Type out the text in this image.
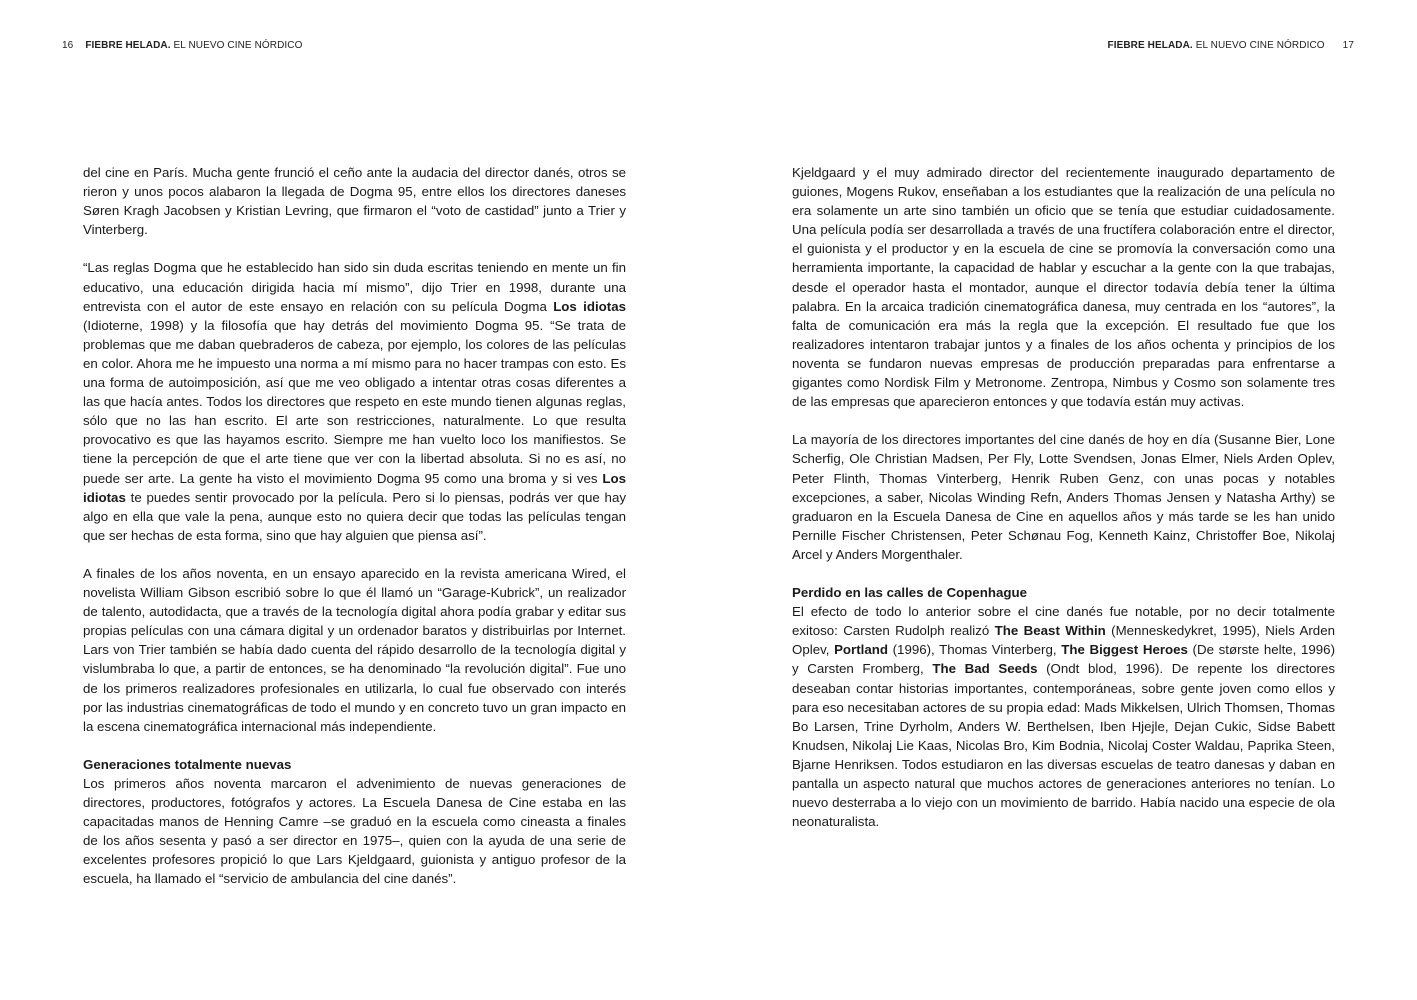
16 FIEBRE HELADA. EL NUEVO CINE NÓRDICO

del cine en París. Mucha gente frunció el ceño ante la audacia del director danés, otros se rieron y unos pocos alabaron la llegada de Dogma 95, entre ellos los directores daneses Søren Kragh Jacobsen y Kristian Levring, que firmaron el “voto de castidad” junto a Trier y Vinterberg.

“Las reglas Dogma que he establecido han sido sin duda escritas teniendo en mente un fin educativo, una educación dirigida hacia mí mismo”, dijo Trier en 1998, durante una entrevista con el autor de este ensayo en relación con su película Dogma Los idiotas (Idioterne, 1998) y la filosofía que hay detrás del movimiento Dogma 95. “Se trata de problemas que me daban quebraderos de cabeza, por ejemplo, los colores de las películas en color. Ahora me he impuesto una norma a mí mismo para no hacer trampas con esto. Es una forma de autoimposición, así que me veo obligado a intentar otras cosas diferentes a las que hacía antes. Todos los directores que respeto en este mundo tienen algunas reglas, sólo que no las han escrito. El arte son restricciones, naturalmente. Lo que resulta provocativo es que las hayamos escrito. Siempre me han vuelto loco los manifiestos. Se tiene la percepción de que el arte tiene que ver con la libertad absoluta. Si no es así, no puede ser arte. La gente ha visto el movimiento Dogma 95 como una broma y si ves Los idiotas te puedes sentir provocado por la película. Pero si lo piensas, podrás ver que hay algo en ella que vale la pena, aunque esto no quiera decir que todas las películas tengan que ser hechas de esta forma, sino que hay alguien que piensa así”.

A finales de los años noventa, en un ensayo aparecido en la revista americana Wired, el novelista William Gibson escribió sobre lo que él llamó un “Garage-Kubrick”, un realizador de talento, autodidacta, que a través de la tecnología digital ahora podía grabar y editar sus propias películas con una cámara digital y un ordenador baratos y distribuirlas por Internet. Lars von Trier también se había dado cuenta del rápido desarrollo de la tecnología digital y vislumbraba lo que, a partir de entonces, se ha denominado “la revolución digital”. Fue uno de los primeros realizadores profesionales en utilizarla, lo cual fue observado con interés por las industrias cinematográficas de todo el mundo y en concreto tuvo un gran impacto en la escena cinematográfica internacional más independiente.

Generaciones totalmente nuevas

Los primeros años noventa marcaron el advenimiento de nuevas generaciones de directores, productores, fotógrafos y actores. La Escuela Danesa de Cine estaba en las capacitadas manos de Henning Camre –se graduó en la escuela como cineasta a finales de los años sesenta y pasó a ser director en 1975–, quien con la ayuda de una serie de excelentes profesores propició lo que Lars Kjeldgaard, guionista y antiguo profesor de la escuela, ha llamado el “servicio de ambulancia del cine danés”.

FIEBRE HELADA. EL NUEVO CINE NÓRDICO 17

Kjeldgaard y el muy admirado director del recientemente inaugurado departamento de guiones, Mogens Rukov, enseñaban a los estudiantes que la realización de una película no era solamente un arte sino también un oficio que se tenía que estudiar cuidadosamente. Una película podía ser desarrollada a través de una fructífera colaboración entre el director, el guionista y el productor y en la escuela de cine se promovía la conversación como una herramienta importante, la capacidad de hablar y escuchar a la gente con la que trabajas, desde el operador hasta el montador, aunque el director todavía debía tener la última palabra. En la arcaica tradición cinematográfica danesa, muy centrada en los “autores”, la falta de comunicación era más la regla que la excepción. El resultado fue que los realizadores intentaron trabajar juntos y a finales de los años ochenta y principios de los noventa se fundaron nuevas empresas de producción preparadas para enfrentarse a gigantes como Nordisk Film y Metronome. Zentropa, Nimbus y Cosmo son solamente tres de las empresas que aparecieron entonces y que todavía están muy activas.

La mayoría de los directores importantes del cine danés de hoy en día (Susanne Bier, Lone Scherfig, Ole Christian Madsen, Per Fly, Lotte Svendsen, Jonas Elmer, Niels Arden Oplev, Peter Flinth, Thomas Vinterberg, Henrik Ruben Genz, con unas pocas y notables excepciones, a saber, Nicolas Winding Refn, Anders Thomas Jensen y Natasha Arthy) se graduaron en la Escuela Danesa de Cine en aquellos años y más tarde se les han unido Pernille Fischer Christensen, Peter Schønau Fog, Kenneth Kainz, Christoffer Boe, Nikolaj Arcel y Anders Morgenthaler.

Perdido en las calles de Copenhague

El efecto de todo lo anterior sobre el cine danés fue notable, por no decir totalmente exitoso: Carsten Rudolph realizó The Beast Within (Menneskedykret, 1995), Niels Arden Oplev, Portland (1996), Thomas Vinterberg, The Biggest Heroes (De største helte, 1996) y Carsten Fromberg, The Bad Seeds (Ondt blod, 1996). De repente los directores deseaban contar historias importantes, contemporáneas, sobre gente joven como ellos y para eso necesitaban actores de su propia edad: Mads Mikkelsen, Ulrich Thomsen, Thomas Bo Larsen, Trine Dyrholm, Anders W. Berthelsen, Iben Hjejle, Dejan Cukic, Sidse Babett Knudsen, Nikolaj Lie Kaas, Nicolas Bro, Kim Bodnia, Nicolaj Coster Waldau, Paprika Steen, Bjarne Henriksen. Todos estudiaron en las diversas escuelas de teatro danesas y daban en pantalla un aspecto natural que muchos actores de generaciones anteriores no tenían. Lo nuevo desterraba a lo viejo con un movimiento de barrido. Había nacido una especie de ola neonaturalista.
